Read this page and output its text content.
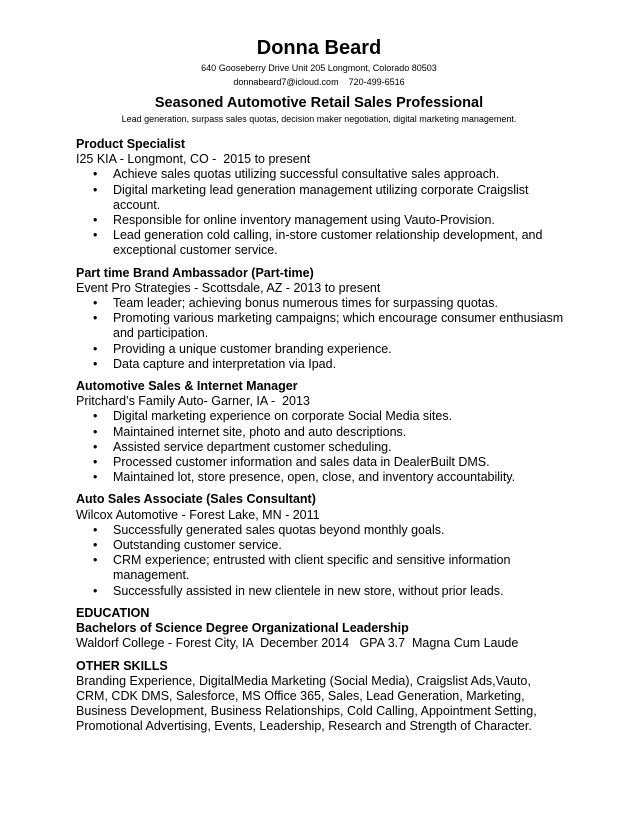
Donna Beard
640 Gooseberry Drive Unit 205 Longmont, Colorado 80503
donnabeard7@icloud.com    720-499-6516
Seasoned Automotive Retail Sales Professional
Lead generation, surpass sales quotas, decision maker negotiation, digital marketing management.
Product Specialist
I25 KIA - Longmont, CO -  2015 to present
• Achieve sales quotas utilizing successful consultative sales approach.
• Digital marketing lead generation management utilizing corporate Craigslist account.
• Responsible for online inventory management using Vauto-Provision.
• Lead generation cold calling, in-store customer relationship development, and exceptional customer service.
Part time Brand Ambassador (Part-time)
Event Pro Strategies - Scottsdale, AZ - 2013 to present
• Team leader; achieving bonus numerous times for surpassing quotas.
• Promoting various marketing campaigns; which encourage consumer enthusiasm and participation.
• Providing a unique customer branding experience.
• Data capture and interpretation via Ipad.
Automotive Sales & Internet Manager
Pritchard’s Family Auto- Garner, IA -  2013
• Digital marketing experience on corporate Social Media sites.
• Maintained internet site, photo and auto descriptions.
• Assisted service department customer scheduling.
• Processed customer information and sales data in DealerBuilt DMS.
• Maintained lot, store presence, open, close, and inventory accountability.
Auto Sales Associate (Sales Consultant)
Wilcox Automotive - Forest Lake, MN - 2011
• Successfully generated sales quotas beyond monthly goals.
• Outstanding customer service.
• CRM experience; entrusted with client specific and sensitive information management.
• Successfully assisted in new clientele in new store, without prior leads.
EDUCATION
Bachelors of Science Degree Organizational Leadership
Waldorf College - Forest City, IA  December 2014   GPA 3.7  Magna Cum Laude
OTHER SKILLS
Branding Experience, DigitalMedia Marketing (Social Media), Craigslist Ads,Vauto, CRM, CDK DMS, Salesforce, MS Office 365, Sales, Lead Generation, Marketing, Business Development, Business Relationships, Cold Calling, Appointment Setting, Promotional Advertising, Events, Leadership, Research and Strength of Character.
